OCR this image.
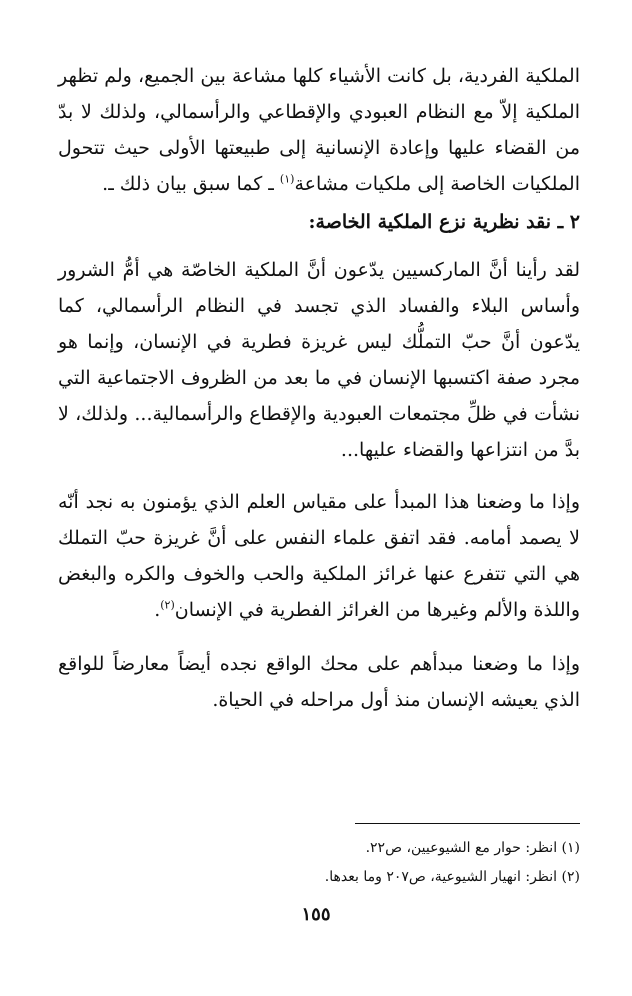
الملكية الفردية، بل كانت الأشياء كلها مشاعة بين الجميع، ولم تظهر الملكية إلاّ مع النظام العبودي والإقطاعي والرأسمالي، ولذلك لا بدّ من القضاء عليها وإعادة الإنسانية إلى طبيعتها الأولى حيث تتحول الملكيات الخاصة إلى ملكيات مشاعة$^{(١)}$ ـ كما سبق بيان ذلك ـ.

٢ ـ نقد نظرية نزع الملكية الخاصة:

لقد رأينا أنَّ الماركسيين يدّعون أنَّ الملكية الخاصّة هي أمُّ الشرور وأساس البلاء والفساد الذي تجسد في النظام الرأسمالي، كما يدّعون أنَّ حبّ التملُّك ليس غريزة فطرية في الإنسان، وإنما هو مجرد صفة اكتسبها الإنسان في ما بعد من الظروف الاجتماعية التي نشأت في ظلِّ مجتمعات العبودية والإقطاع والرأسمالية... ولذلك، لا بدَّ من انتزاعها والقضاء عليها...

وإذا ما وضعنا هذا المبدأ على مقياس العلم الذي يؤمنون به نجد أنّه لا يصمد أمامه. فقد اتفق علماء النفس على أنَّ غريزة حبّ التملك هي التي تتفرع عنها غرائز الملكية والحب والخوف والكره والبغض واللذة والألم وغيرها من الغرائز الفطرية في الإنسان$^{(٢)}$.

وإذا ما وضعنا مبدأهم على محك الواقع نجده أيضاً معارضاً للواقع الذي يعيشه الإنسان منذ أول مراحله في الحياة.

(١) انظر: حوار مع الشيوعيين، ص٢٢.
(٢) انظر: انهيار الشيوعية، ص٢٠٧ وما بعدها.
١٥٥
